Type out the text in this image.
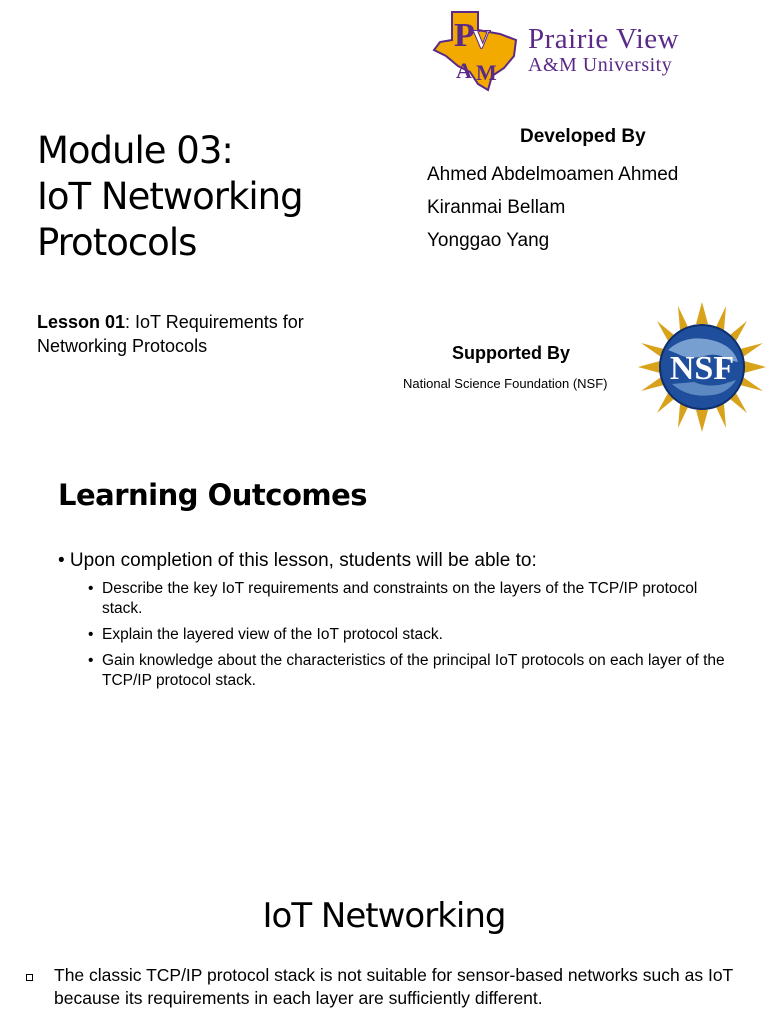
P
V
A M
Prairie View
A&M University
Module 03:
IoT Networking
Protocols
Lesson 01: IoT Requirements for Networking Protocols
Developed By
Ahmed Abdelmoamen Ahmed
Kiranmai Bellam
Yonggao Yang
Supported By
National Science Foundation (NSF) NSF
Learning Outcomes
• Upon completion of this lesson, students will be able to:
• Describe the key IoT requirements and constraints on the layers of the TCP/IP protocol stack.
• Explain the layered view of the IoT protocol stack.
• Gain knowledge about the characteristics of the principal IoT protocols on each layer of the TCP/IP protocol stack.
IoT Networking
The classic TCP/IP protocol stack is not suitable for sensor-based networks such as IoT because its requirements in each layer are sufficiently different.
